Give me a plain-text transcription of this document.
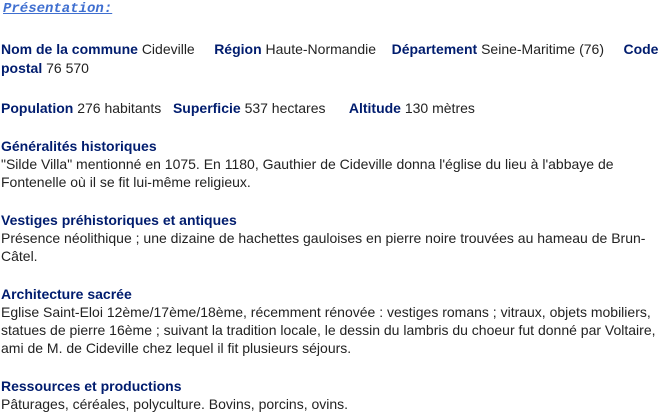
Présentation:
Nom de la commune Cideville Région Haute-Normandie Département Seine-Maritime (76) Code postal 76 570
Population 276 habitants Superficie 537 hectares Altitude 130 mètres
Généralités historiques
"Silde Villa" mentionné en 1075. En 1180, Gauthier de Cideville donna l'église du lieu à l'abbaye de Fontenelle où il se fit lui-même religieux.
Vestiges préhistoriques et antiques
Présence néolithique ; une dizaine de hachettes gauloises en pierre noire trouvées au hameau de Brun-Câtel.
Architecture sacrée
Eglise Saint-Eloi 12ème/17ème/18ème, récemment rénovée : vestiges romans ; vitraux, objets mobiliers, statues de pierre 16ème ; suivant la tradition locale, le dessin du lambris du choeur fut donné par Voltaire, ami de M. de Cideville chez lequel il fit plusieurs séjours.
Ressources et productions
Pâturages, céréales, polyculture. Bovins, porcins, ovins.
